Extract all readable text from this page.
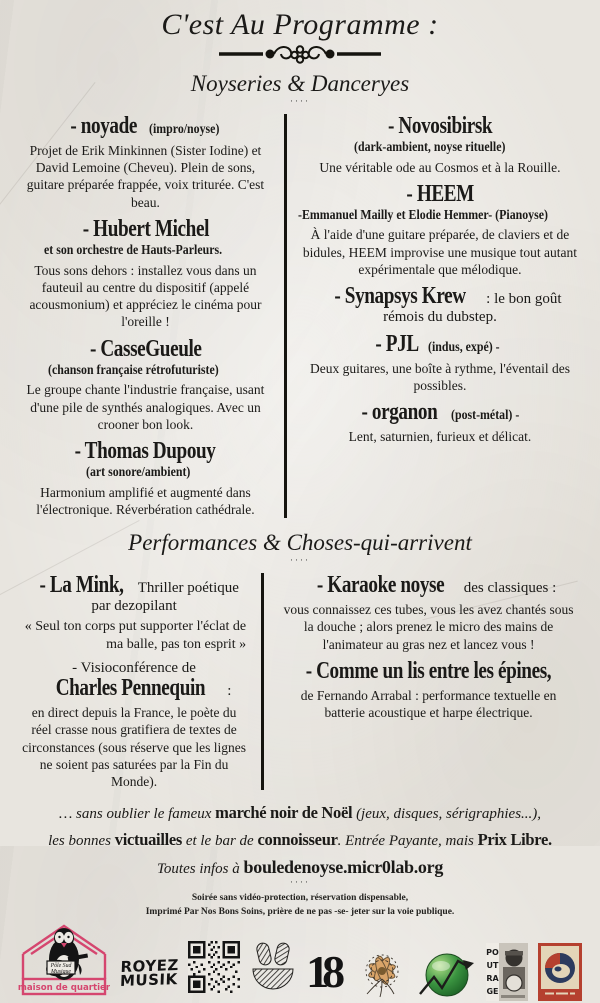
C'est Au Programme :
Noyseries & Danceryes
····
- noyade (impro/noyse)

Projet de Erik Minkinnen (Sister Iodine) et David Lemoine (Cheveu). Plein de sons, guitare préparée frappée, voix triturée. C'est beau.

- Hubert Michel et son orchestre de Hauts-Parleurs.

Tous sons dehors : installez vous dans un fauteuil au centre du dispositif (appelé acousmonium) et appréciez le cinéma pour l'oreille !

- CasseGueule (chanson française rétrofuturiste)

Le groupe chante l'industrie française, usant d'une pile de synthés analogiques. Avec un crooner bon look.

- Thomas Dupouy (art sonore/ambient)

Harmonium amplifié et augmenté dans l'électronique. Réverbération cathédrale.

- Novosibirsk (dark-ambient, noyse rituelle)

Une véritable ode au Cosmos et à la Rouille.

- HEEM -Emmanuel Mailly et Elodie Hemmer- (Pianoyse)

À l'aide d'une guitare préparée, de claviers et de bidules, HEEM improvise une musique tout autant expérimentale que mélodique.

- Synapsys Krew : le bon goût rémois du dubstep.
- PJL (indus, expé) -

Deux guitares, une boîte à rythme, l'éventail des possibles.

- organon (post-métal) -

Lent, saturnien, furieux et délicat.

Performances & Choses-qui-arrivent
····
- La Mink, Thriller poétique par dezopilant

« Seul ton corps put supporter l'éclat de ma balle, pas ton esprit »

- Visioconférence de Charles Pennequin :

en direct depuis la France, le poète du réel crasse nous gratifiera de textes de circonstances (sous réserve que les lignes ne soient pas saturées par la Fin du Monde).

- Karaoke noyse des classiques :

vous connaissez ces tubes, vous les avez chantés sous la douche ; alors prenez le micro des mains de l'animateur au gras nez et lancez vous !

- Comme un lis entre les épines,

de Fernando Arrabal : performance textuelle en batterie acoustique et harpe électrique.

… sans oublier le fameux marché noir de Noël (jeux, disques, sérigraphies...),
les bonnes victuailles et le bar de connoisseur. Entrée Payante, mais Prix Libre.
Toutes infos à bouledenoyse.micr0lab.org
····
Soirée sans vidéo-protection, réservation dispensable,
Imprimé Par Nos Bons Soins, prière de ne pas -se- jeter sur la voie publique.
Pôle Sud
Musique
maison de quartier
ROYEZ
MUSIK	18	PO
UT
RA
GE
